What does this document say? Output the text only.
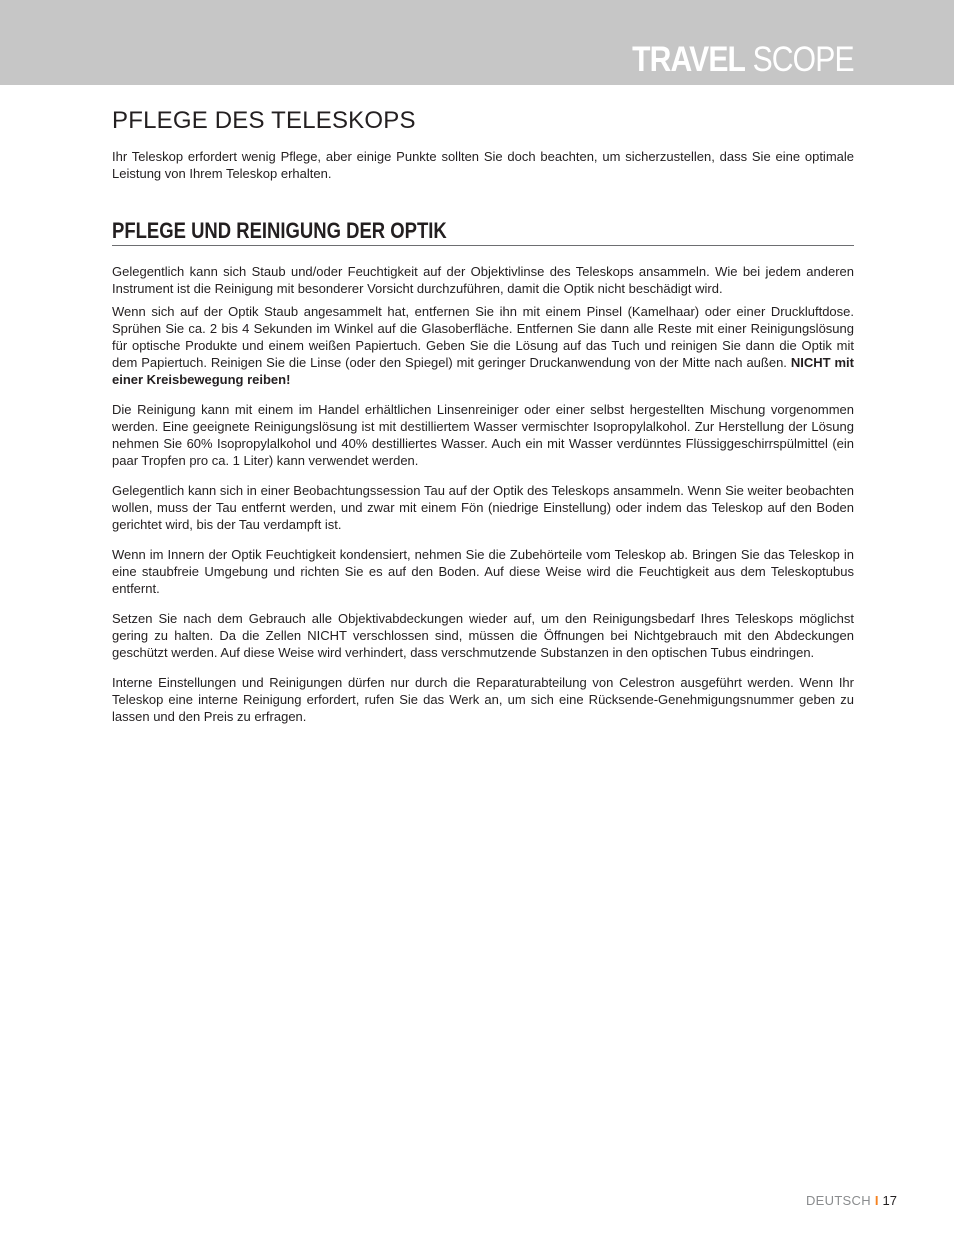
TRAVEL SCOPE
PFLEGE DES TELESKOPS

Ihr Teleskop erfordert wenig Pflege, aber einige Punkte sollten Sie doch beachten, um sicherzustellen, dass Sie eine optimale Leistung von Ihrem Teleskop erhalten.

PFLEGE UND REINIGUNG DER OPTIK

Gelegentlich kann sich Staub und/oder Feuchtigkeit auf der Objektivlinse des Teleskops ansammeln. Wie bei jedem anderen Instrument ist die Reinigung mit besonderer Vorsicht durchzuführen, damit die Optik nicht beschädigt wird.

Wenn sich auf der Optik Staub angesammelt hat, entfernen Sie ihn mit einem Pinsel (Kamelhaar) oder einer Druckluftdose. Sprühen Sie ca. 2 bis 4 Sekunden im Winkel auf die Glasoberfläche. Entfernen Sie dann alle Reste mit einer Reinigungslösung für optische Produkte und einem weißen Papiertuch. Geben Sie die Lösung auf das Tuch und reinigen Sie dann die Optik mit dem Papiertuch. Reinigen Sie die Linse (oder den Spiegel) mit geringer Druckanwendung von der Mitte nach außen. NICHT mit einer Kreisbewegung reiben!

Die Reinigung kann mit einem im Handel erhältlichen Linsenreiniger oder einer selbst hergestellten Mischung vorgenommen werden. Eine geeignete Reinigungslösung ist mit destilliertem Wasser vermischter Isopropylalkohol. Zur Herstellung der Lösung nehmen Sie 60% Isopropylalkohol und 40% destilliertes Wasser. Auch ein mit Wasser verdünntes Flüssiggeschirrspülmittel (ein paar Tropfen pro ca. 1 Liter) kann verwendet werden.

Gelegentlich kann sich in einer Beobachtungssession Tau auf der Optik des Teleskops ansammeln. Wenn Sie weiter beobachten wollen, muss der Tau entfernt werden, und zwar mit einem Fön (niedrige Einstellung) oder indem das Teleskop auf den Boden gerichtet wird, bis der Tau verdampft ist.

Wenn im Innern der Optik Feuchtigkeit kondensiert, nehmen Sie die Zubehörteile vom Teleskop ab. Bringen Sie das Teleskop in eine staubfreie Umgebung und richten Sie es auf den Boden. Auf diese Weise wird die Feuchtigkeit aus dem Teleskoptubus entfernt.

Setzen Sie nach dem Gebrauch alle Objektivabdeckungen wieder auf, um den Reinigungsbedarf Ihres Teleskops möglichst gering zu halten. Da die Zellen NICHT verschlossen sind, müssen die Öffnungen bei Nichtgebrauch mit den Abdeckungen geschützt werden. Auf diese Weise wird verhindert, dass verschmutzende Substanzen in den optischen Tubus eindringen.

Interne Einstellungen und Reinigungen dürfen nur durch die Reparaturabteilung von Celestron ausgeführt werden. Wenn Ihr Teleskop eine interne Reinigung erfordert, rufen Sie das Werk an, um sich eine Rücksende-Genehmigungsnummer geben zu lassen und den Preis zu erfragen.

DEUTSCH I 17
